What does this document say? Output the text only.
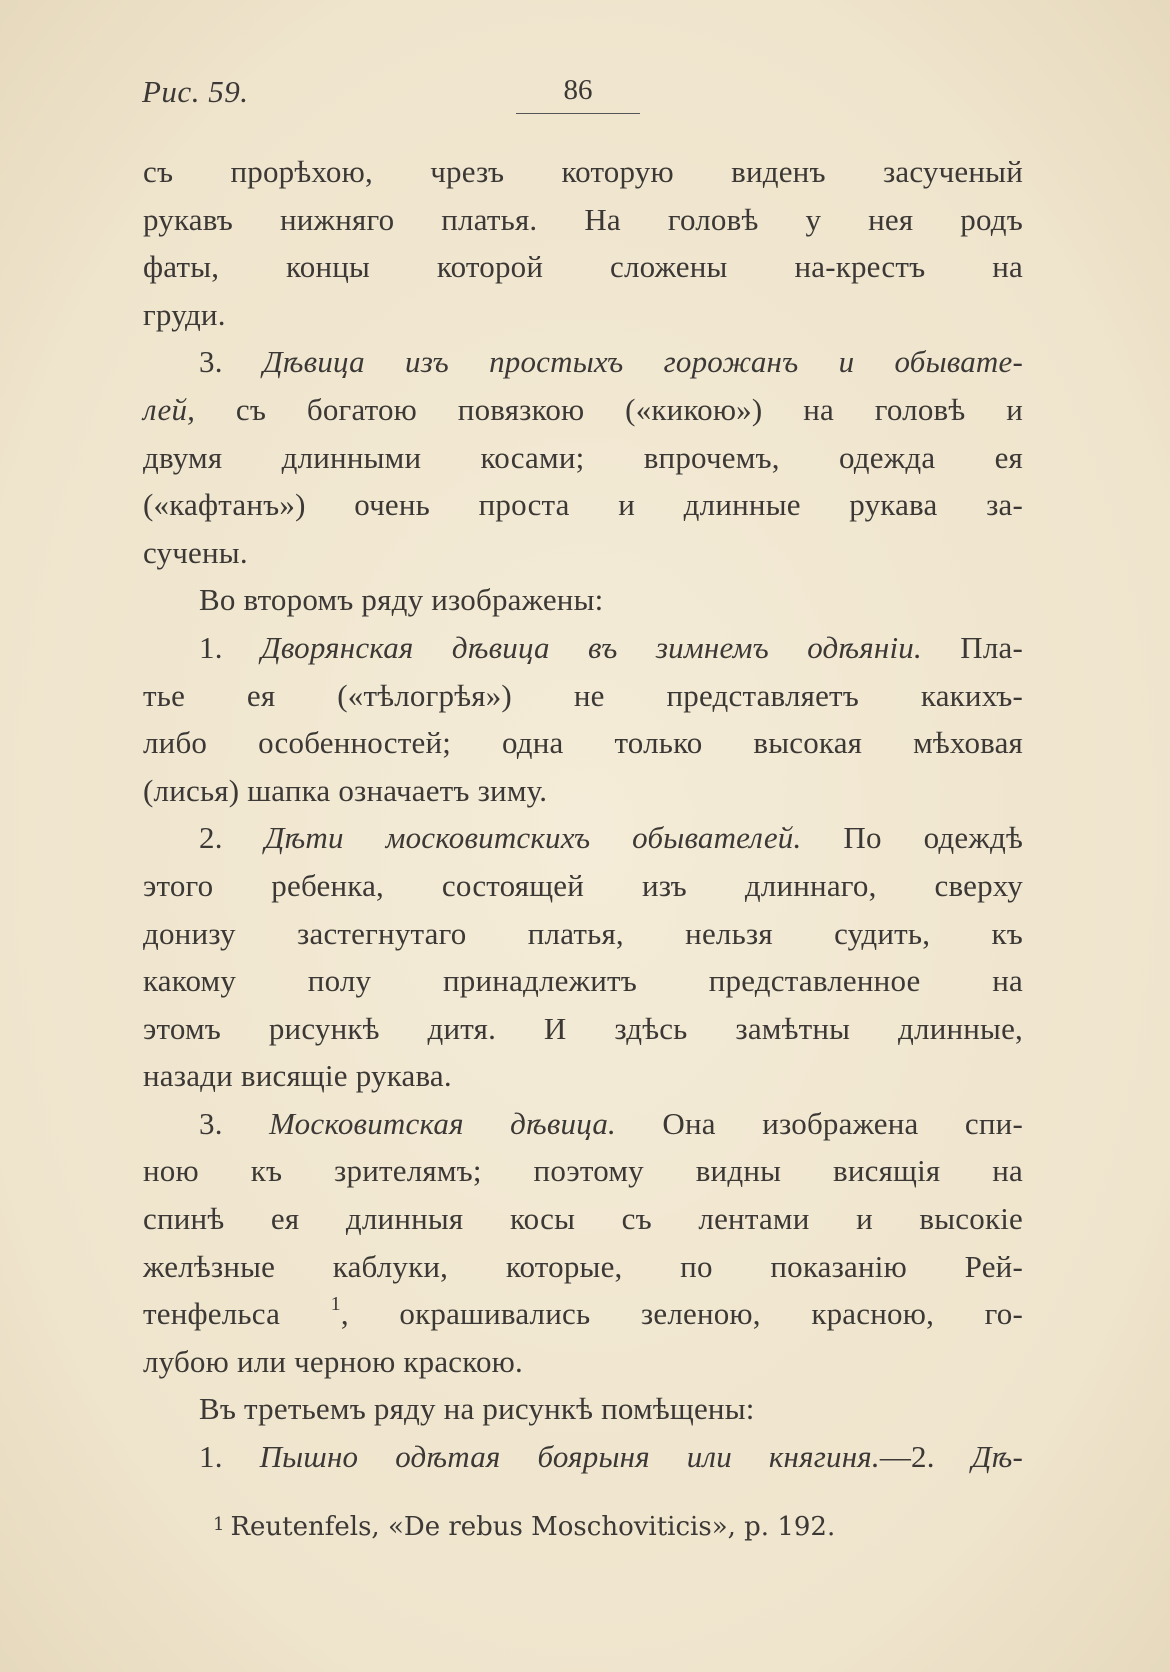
Рис. 59.	86
съ прорѣхою, чрезъ которую виденъ засученый
рукавъ нижняго платья. На головѣ у нея родъ
фаты, концы которой сложены на-крестъ на
груди.
3. Дѣвица изъ простыхъ горожанъ и обывате-
лей, съ богатою повязкою («кикою») на головѣ и
двумя длинными косами; впрочемъ, одежда ея
(«кафтанъ») очень проста и длинные рукава за-
сучены.
Во второмъ ряду изображены:
1. Дворянская дѣвица въ зимнемъ одѣяніи. Пла-
тье ея («тѣлогрѣя») не представляетъ какихъ-
либо особенностей; одна только высокая мѣховая
(лисья) шапка означаетъ зиму.
2. Дѣти московитскихъ обывателей. По одеждѣ
этого ребенка, состоящей изъ длиннаго, сверху
донизу застегнутаго платья, нельзя судить, къ
какому полу принадлежитъ представленное на
этомъ рисункѣ дитя. И здѣсь замѣтны длинные,
назади висящіе рукава.
3. Московитская дѣвица. Она изображена спи-
ною къ зрителямъ; поэтому видны висящія на
спинѣ ея длинныя косы съ лентами и высокіе
желѣзные каблуки, которые, по показанію Рей-
тенфельса $^1$, окрашивались зеленою, красною, го-
лубою или черною краскою.
Въ третьемъ ряду на рисункѣ помѣщены:
1. Пышно одѣтая боярыня или княгиня.—2. Дѣ-
$^1$ Reutenfels, «De rebus Moschoviticis», p. 192.
